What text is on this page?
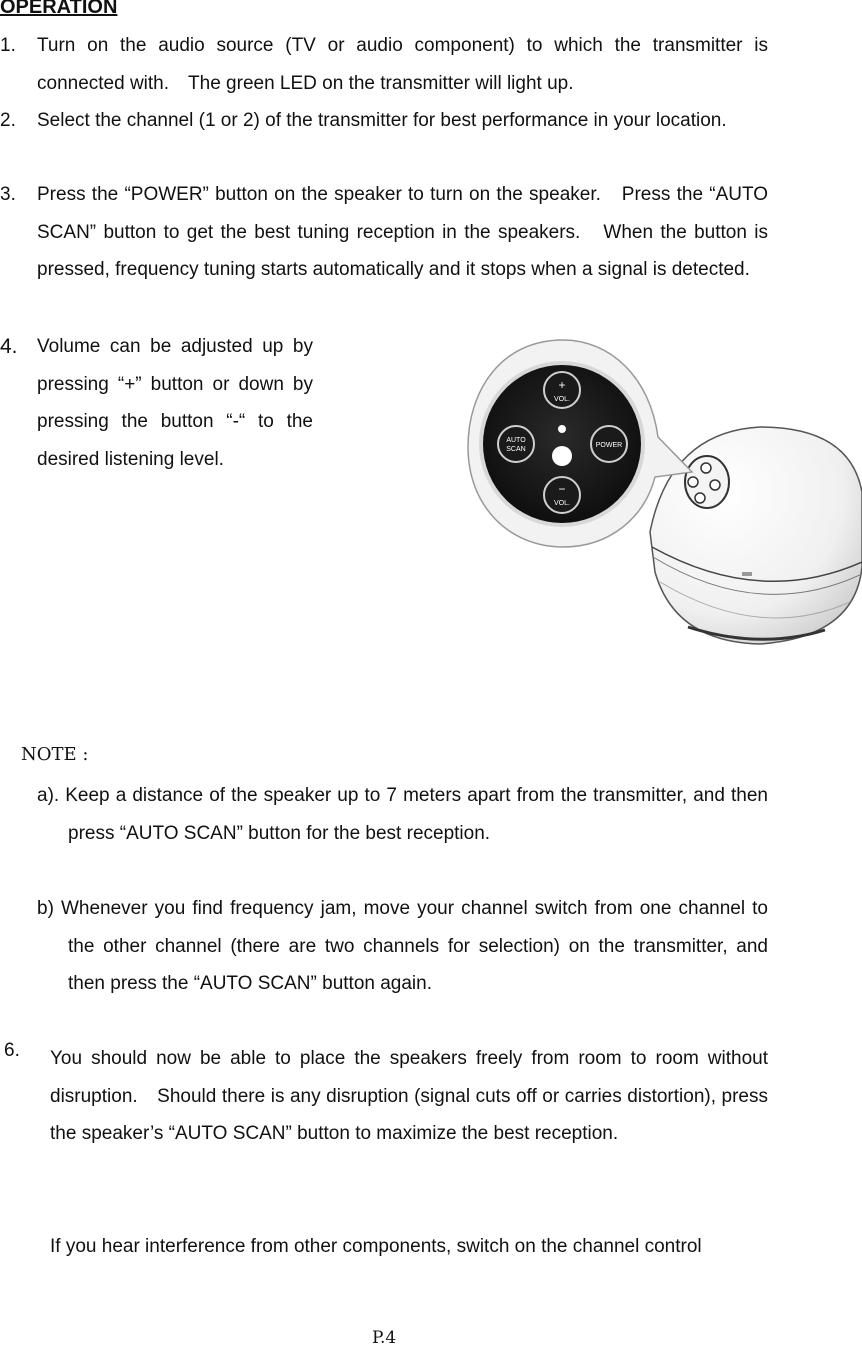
OPERATION
1. Turn on the audio source (TV or audio component) to which the transmitter is connected with.　The green LED on the transmitter will light up.
2. Select the channel (1 or 2) of the transmitter for best performance in your location.
3. Press the “POWER” button on the speaker to turn on the speaker.　Press the “AUTO SCAN” button to get the best tuning reception in the speakers.　When the button is pressed, frequency tuning starts automatically and it stops when a signal is detected.
4. Volume can be adjusted up by pressing “+” button or down by pressing the button “-“ to the desired listening level.
+
VOL.
AUTO
SCAN
POWER
−
VOL.
NOTE :
a). Keep a distance of the speaker up to 7 meters apart from the transmitter, and then press “AUTO SCAN” button for the best reception.
b) Whenever you find frequency jam, move your channel switch from one channel to the other channel (there are two channels for selection) on the transmitter, and then press the “AUTO SCAN” button again.
6. You should now be able to place the speakers freely from room to room without disruption.　Should there is any disruption (signal cuts off or carries distortion), press the speaker’s “AUTO SCAN” button to maximize the best reception.
If you hear interference from other components, switch on the channel control
P.4
